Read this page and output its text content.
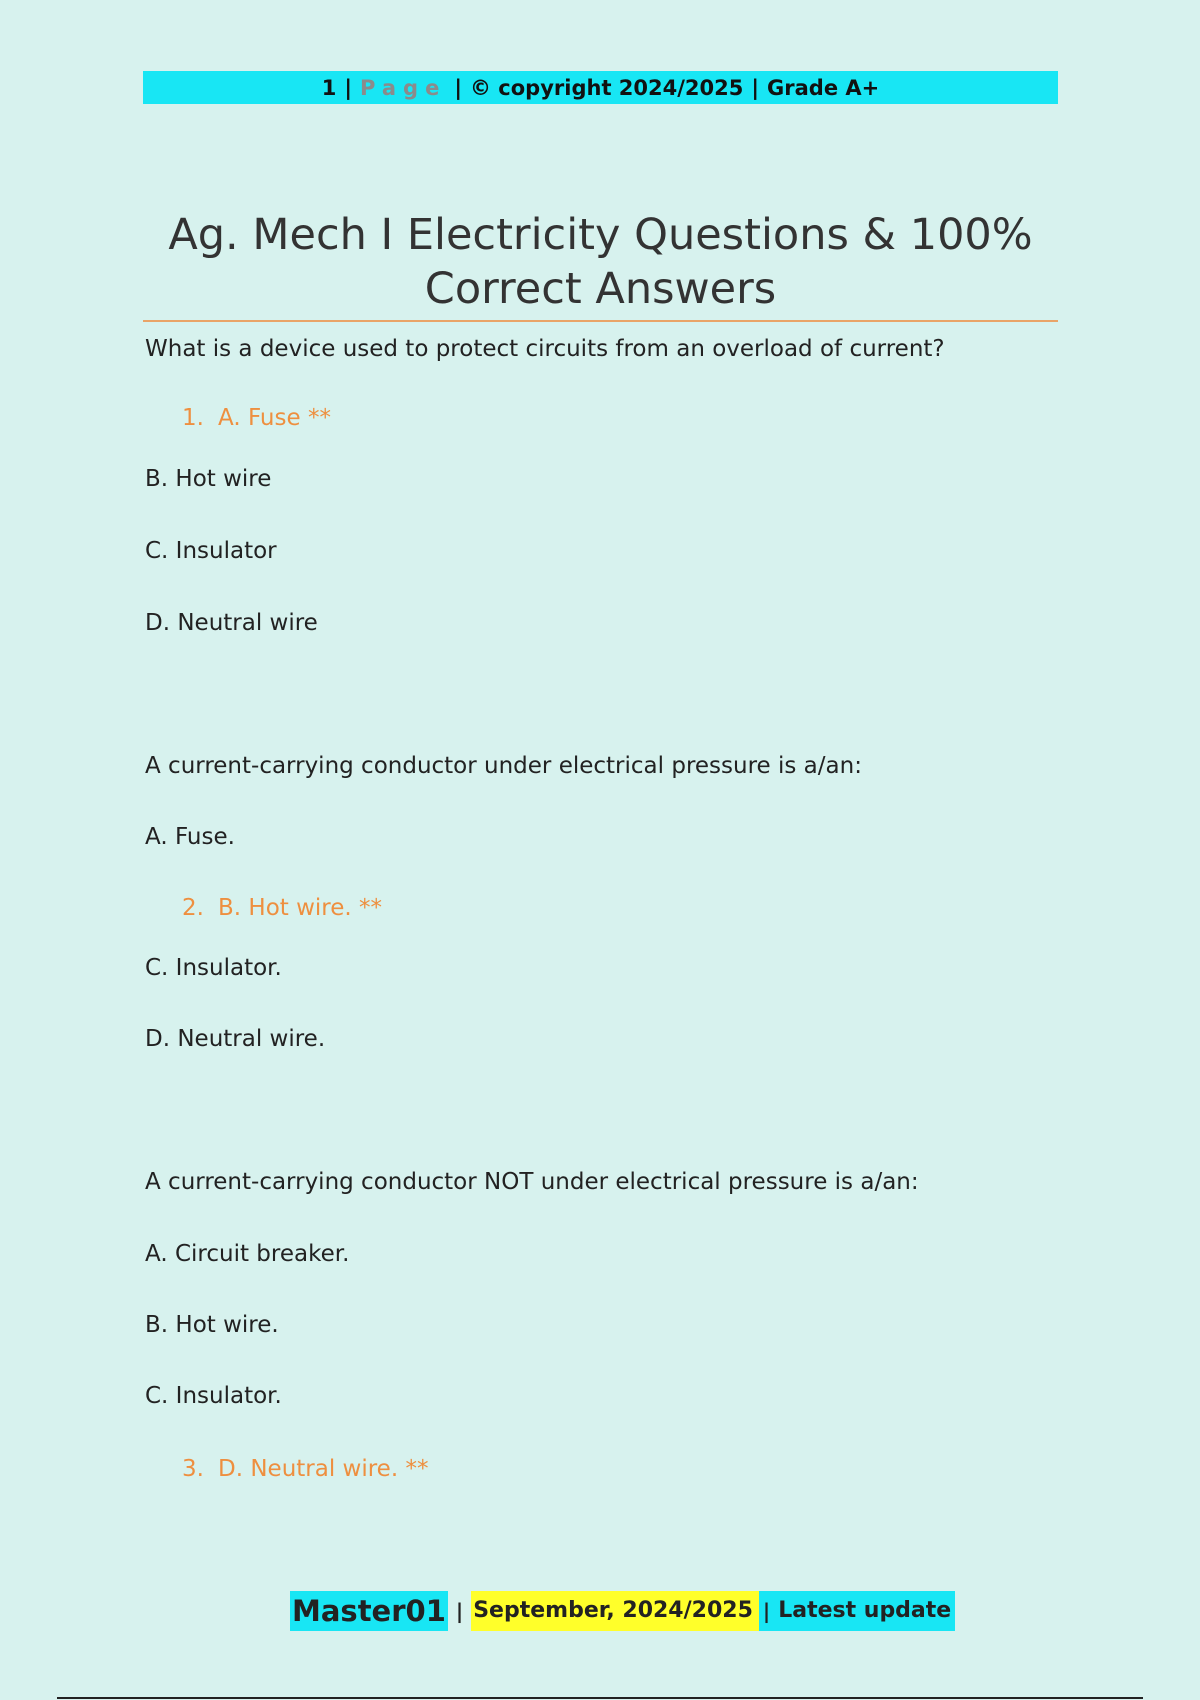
1 | Page | © copyright 2024/2025 | Grade A+
Ag. Mech I Electricity Questions & 100%
Correct Answers
What is a device used to protect circuits from an overload of current?
1. A. Fuse **
B. Hot wire
C. Insulator
D. Neutral wire
A current-carrying conductor under electrical pressure is a/an:
A. Fuse.
2. B. Hot wire. **
C. Insulator.
D. Neutral wire.
A current-carrying conductor NOT under electrical pressure is a/an:
A. Circuit breaker.
B. Hot wire.
C. Insulator.
3. D. Neutral wire. **
Master01 | September, 2024/2025 | Latest update
